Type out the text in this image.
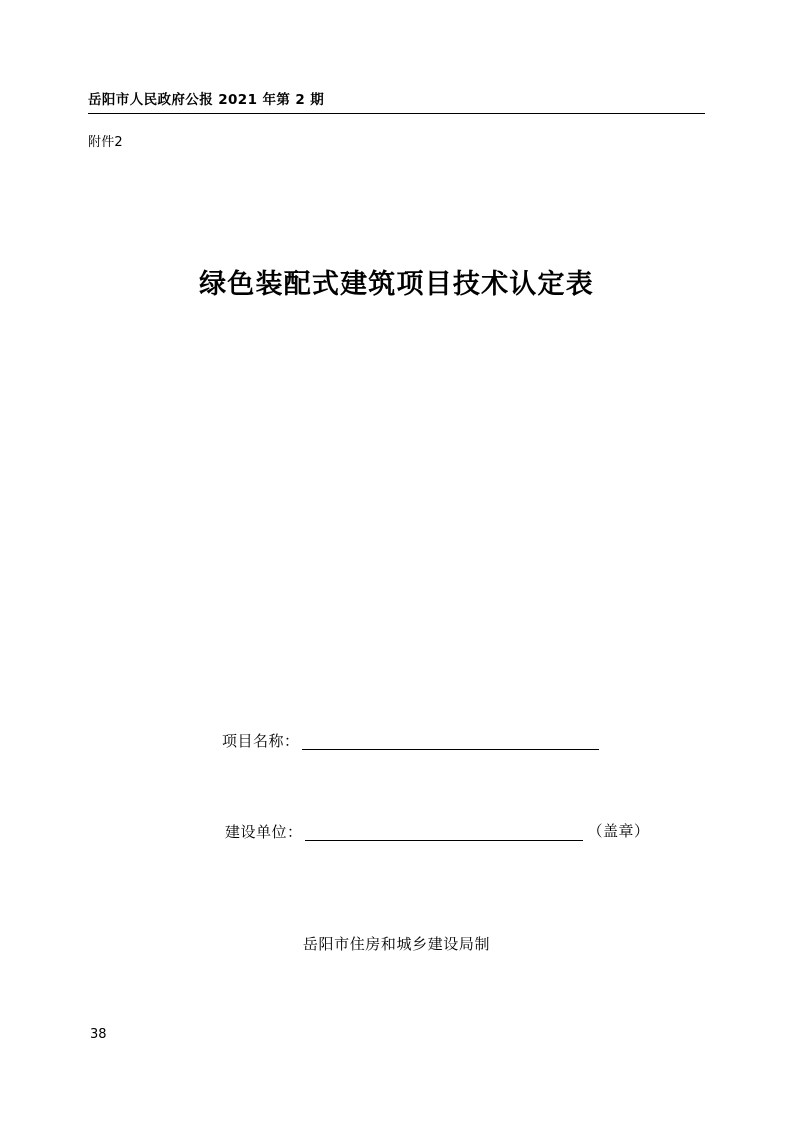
岳阳市人民政府公报 2021 年第 2 期
附件2
绿色装配式建筑项目技术认定表
项目名称：
建设单位：	（盖章）
岳阳市住房和城乡建设局制
38
